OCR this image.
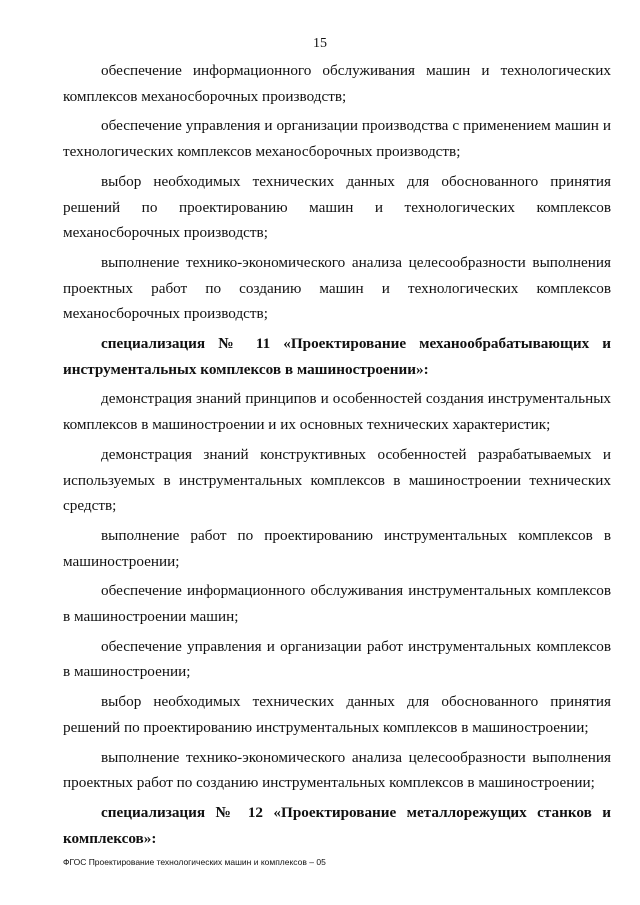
15

обеспечение информационного обслуживания машин и технологических комплексов механосборочных производств;

обеспечение управления и организации производства с применением машин и технологических комплексов механосборочных производств;

выбор необходимых технических данных для обоснованного принятия решений по проектированию машин и технологических комплексов механосборочных производств;

выполнение технико-экономического анализа целесообразности выполнения проектных работ по созданию машин и технологических комплексов механосборочных производств;

специализация № 11 «Проектирование механообрабатывающих и инструментальных комплексов в машиностроении»:

демонстрация знаний принципов и особенностей создания инструментальных комплексов в машиностроении и их основных технических характеристик;

демонстрация знаний конструктивных особенностей разрабатываемых и используемых в инструментальных комплексов в машиностроении технических средств;

выполнение работ по проектированию инструментальных комплексов в машиностроении;

обеспечение информационного обслуживания инструментальных комплексов в машиностроении машин;

обеспечение управления и организации работ инструментальных комплексов в машиностроении;

выбор необходимых технических данных для обоснованного принятия решений по проектированию инструментальных комплексов в машиностроении;

выполнение технико-экономического анализа целесообразности выполнения проектных работ по созданию инструментальных комплексов в машиностроении;

специализация № 12 «Проектирование металлорежущих станков и комплексов»:

ФГОС Проектирование технологических машин и комплексов – 05
